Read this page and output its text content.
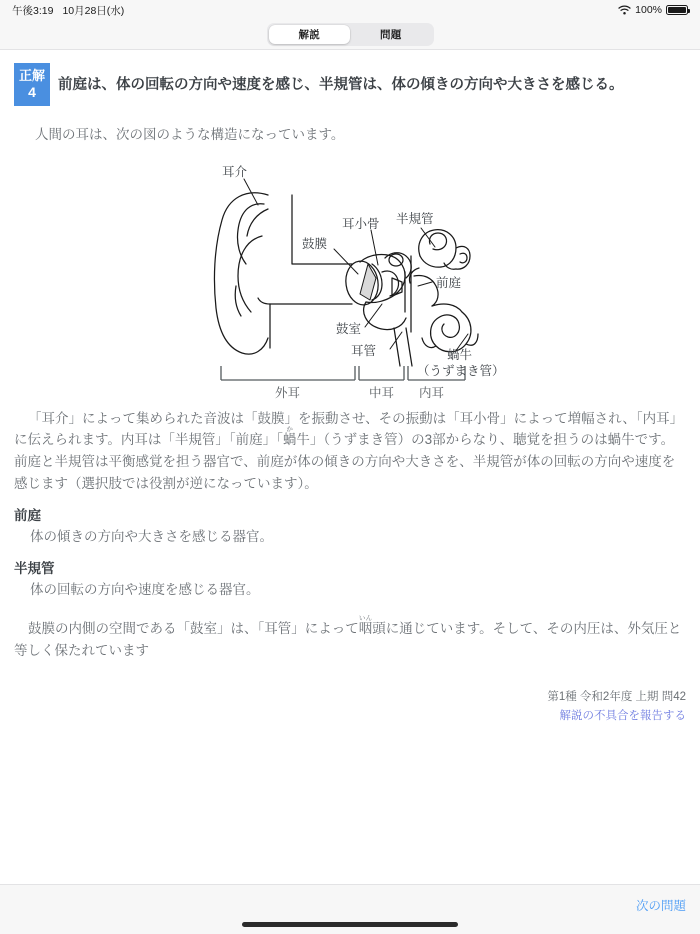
午後3:19 10月28日(水)	100%
解説	問題
正解
4	前庭は、体の回転の方向や速度を感じ、半規管は、体の傾きの方向や大きさを感じる。
人間の耳は、次の図のような構造になっています。
耳介
鼓膜
耳小骨 半規管
前庭
蝸牛
（うずまき管）
鼓室
耳管
外耳	中耳 内耳

「耳介」によって集められた音波は「鼓膜」を振動させ、その振動は「耳小骨」によって増幅され、「内耳」に伝えられます。内耳は「半規管」「前庭」「蝸か牛」（うずまき管）の3部からなり、聴覚を担うのは蝸牛です。前庭と半規管は平衡感覚を担う器官で、前庭が体の傾きの方向や大きさを、半規管が体の回転の方向や速度を感じます（選択肢では役割が逆になっています）。

前庭
体の傾きの方向や大きさを感じる器官。
半規管
体の回転の方向や速度を感じる器官。

鼓膜の内側の空間である「鼓室」は、「耳管」によって咽いん頭に通じています。そして、その内圧は、外気圧と等しく保たれています

第1種 令和2年度 上期 問42
解説の不具合を報告する
次の問題
